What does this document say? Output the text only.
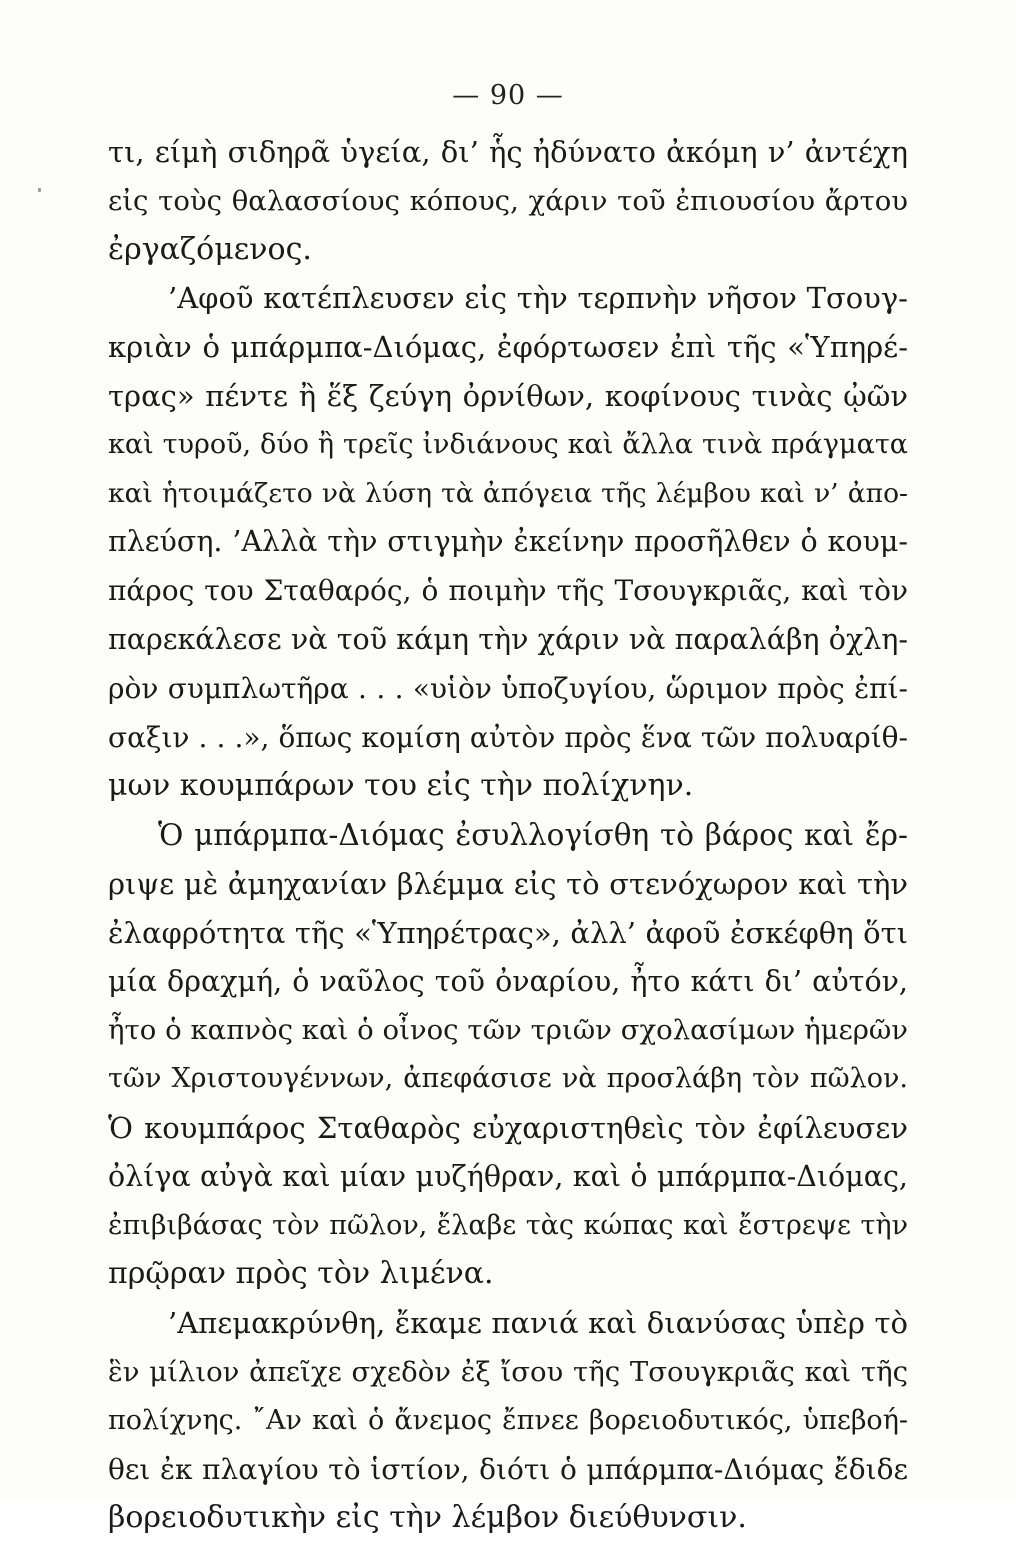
— 90 —
τι, είμὴ σιδηρᾶ ὑγεία, δι’ ἧς ἠδύνατο ἀκόμη ν’ ἀντέχη
εἰς τοὺς θαλασσίους κόπους, χάριν τοῦ ἐπιουσίου ἄρτου
ἐργαζόμενος.
’Αφοῦ κατέπλευσεν εἰς τὴν τερπνὴν νῆσον Τσουγ-
κριὰν ὁ μπάρμπα-Διόμας, ἐφόρτωσεν ἐπὶ τῆς «Ὑπηρέ-
τρας» πέντε ἢ ἕξ ζεύγη ὀρνίθων, κοφίνους τινὰς ᾠῶν
καὶ τυροῦ, δύο ἢ τρεῖς ἰνδιάνους καὶ ἄλλα τινὰ πράγματα
καὶ ἡτοιμάζετο νὰ λύση τὰ ἀπόγεια τῆς λέμβου καὶ ν’ ἀπο-
πλεύση. ’Αλλὰ τὴν στιγμὴν ἐκείνην προσῆλθεν ὁ κουμ-
πάρος του Σταθαρός, ὁ ποιμὴν τῆς Τσουγκριᾶς, καὶ τὸν
παρεκάλεσε νὰ τοῦ κάμη τὴν χάριν νὰ παραλάβη ὀχλη-
ρὸν συμπλωτῆρα . . . «υἱὸν ὑποζυγίου, ὥριμον πρὸς ἐπί-
σαξιν . . .», ὅπως κομίση αὐτὸν πρὸς ἕνα τῶν πολυαρίθ-
μων κουμπάρων του εἰς τὴν πολίχνην.
Ὁ μπάρμπα-Διόμας ἐσυλλογίσθη τὸ βάρος καὶ ἔρ-
ριψε μὲ ἀμηχανίαν βλέμμα εἰς τὸ στενόχωρον καὶ τὴν
ἐλαφρότητα τῆς «Ὑπηρέτρας», ἀλλ’ ἀφοῦ ἐσκέφθη ὅτι
μία δραχμή, ὁ ναῦλος τοῦ ὀναρίου, ἦτο κάτι δι’ αὐτόν,
ἦτο ὁ καπνὸς καὶ ὁ οἶνος τῶν τριῶν σχολασίμων ἡμερῶν
τῶν Χριστουγέννων, ἀπεφάσισε νὰ προσλάβη τὸν πῶλον.
Ὁ κουμπάρος Σταθαρὸς εὐχαριστηθεὶς τὸν ἐφίλευσεν
ὀλίγα αὐγὰ καὶ μίαν μυζήθραν, καὶ ὁ μπάρμπα-Διόμας,
ἐπιβιβάσας τὸν πῶλον, ἔλαβε τὰς κώπας καὶ ἔστρεψε τὴν
πρῷραν πρὸς τὸν λιμένα.
’Απεμακρύνθη, ἔκαμε πανιά καὶ διανύσας ὑπὲρ τὸ
ἓν μίλιον ἀπεῖχε σχεδὸν ἐξ ἴσου τῆς Τσουγκριᾶς καὶ τῆς
πολίχνης. ῎Αν καὶ ὁ ἄνεμος ἔπνεε βορειοδυτικός, ὑπεβοή-
θει ἐκ πλαγίου τὸ ἱστίον, διότι ὁ μπάρμπα-Διόμας ἔδιδε
βορειοδυτικὴν εἰς τὴν λέμβον διεύθυνσιν.
